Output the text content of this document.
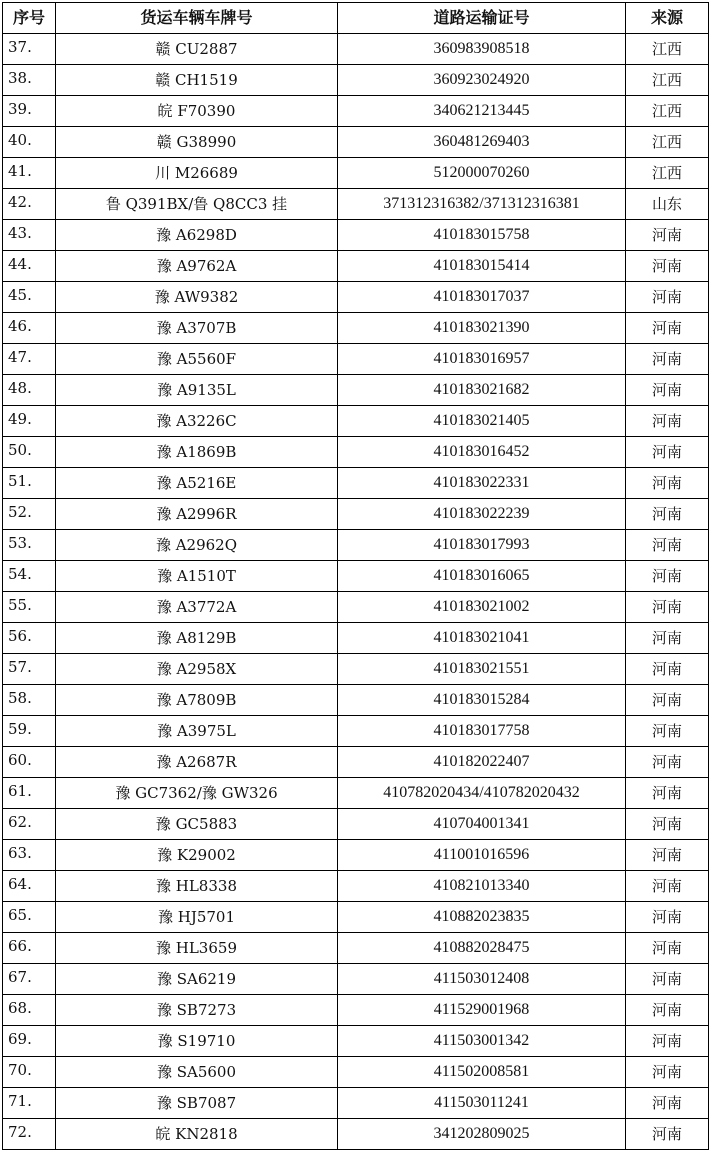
序号	货运车辆车牌号	道路运输证号	来源
37.	赣 CU2887	360983908518	江西
38.	赣 CH1519	360923024920	江西
39.	皖 F70390	340621213445	江西
40.	赣 G38990	360481269403	江西
41.	川 M26689	512000070260	江西
42.	鲁 Q391BX/鲁 Q8CC3 挂	371312316382/371312316381	山东
43.	豫 A6298D	410183015758	河南
44.	豫 A9762A	410183015414	河南
45.	豫 AW9382	410183017037	河南
46.	豫 A3707B	410183021390	河南
47.	豫 A5560F	410183016957	河南
48.	豫 A9135L	410183021682	河南
49.	豫 A3226C	410183021405	河南
50.	豫 A1869B	410183016452	河南
51.	豫 A5216E	410183022331	河南
52.	豫 A2996R	410183022239	河南
53.	豫 A2962Q	410183017993	河南
54.	豫 A1510T	410183016065	河南
55.	豫 A3772A	410183021002	河南
56.	豫 A8129B	410183021041	河南
57.	豫 A2958X	410183021551	河南
58.	豫 A7809B	410183015284	河南
59.	豫 A3975L	410183017758	河南
60.	豫 A2687R	410182022407	河南
61.	豫 GC7362/豫 GW326	410782020434/410782020432	河南
62.	豫 GC5883	410704001341	河南
63.	豫 K29002	411001016596	河南
64.	豫 HL8338	410821013340	河南
65.	豫 HJ5701	410882023835	河南
66.	豫 HL3659	410882028475	河南
67.	豫 SA6219	411503012408	河南
68.	豫 SB7273	411529001968	河南
69.	豫 S19710	411503001342	河南
70.	豫 SA5600	411502008581	河南
71.	豫 SB7087	411503011241	河南
72.	皖 KN2818	341202809025	河南
